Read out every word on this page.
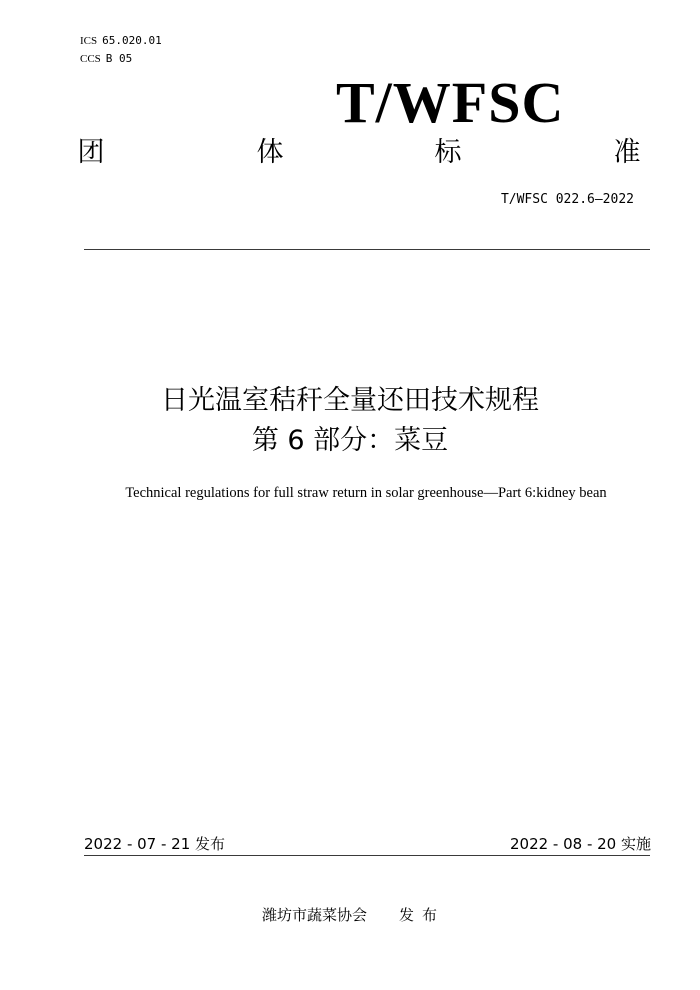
ICS 65.020.01
CCS B 05
T/WFSC
团	体	标	准
T/WFSC 022.6—2022
日光温室秸秆全量还田技术规程
第 6 部分：菜豆
Technical regulations for full straw return in solar greenhouse—Part 6:kidney bean
2022 - 07 - 21 发布	2022 - 08 - 20 实施
潍坊市蔬菜协会 发布
